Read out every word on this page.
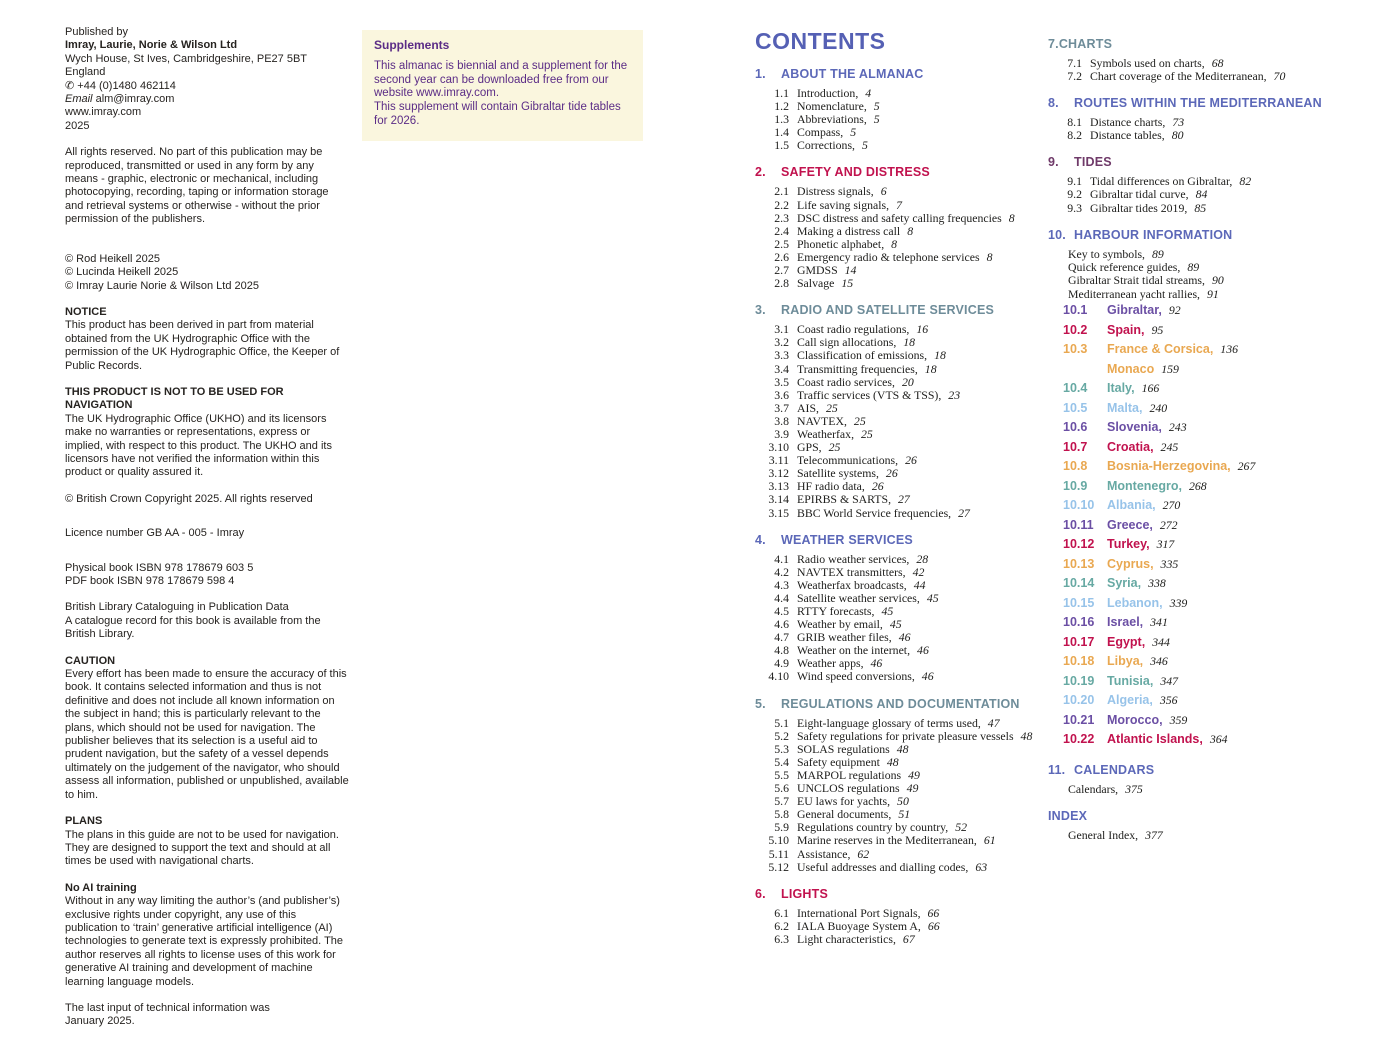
Published by
Imray, Laurie, Norie & Wilson Ltd
Wych House, St Ives, Cambridgeshire, PE27 5BT England
✆ +44 (0)1480 462114
Email alm@imray.com
www.imray.com
2025

All rights reserved. No part of this publication may be reproduced, transmitted or used in any form by any means - graphic, electronic or mechanical, including photocopying, recording, taping or information storage and retrieval systems or otherwise - without the prior permission of the publishers.

© Rod Heikell 2025
© Lucinda Heikell 2025
© Imray Laurie Norie & Wilson Ltd 2025
NOTICE
This product has been derived in part from material obtained from the UK Hydrographic Office with the permission of the UK Hydrographic Office, the Keeper of Public Records.
THIS PRODUCT IS NOT TO BE USED FOR NAVIGATION
The UK Hydrographic Office (UKHO) and its licensors make no warranties or representations, express or implied, with respect to this product. The UKHO and its licensors have not verified the information within this product or quality assured it.

© British Crown Copyright 2025. All rights reserved

Licence number GB AA - 005 - Imray

Physical book ISBN 978 178679 603 5
PDF book ISBN 978 178679 598 4
British Library Cataloguing in Publication Data
A catalogue record for this book is available from the British Library.
CAUTION
Every effort has been made to ensure the accuracy of this book. It contains selected information and thus is not definitive and does not include all known information on the subject in hand; this is particularly relevant to the plans, which should not be used for navigation. The publisher believes that its selection is a useful aid to prudent navigation, but the safety of a vessel depends ultimately on the judgement of the navigator, who should assess all information, published or unpublished, available to him.
PLANS
The plans in this guide are not to be used for navigation. They are designed to support the text and should at all times be used with navigational charts.
No AI training
Without in any way limiting the author’s (and publisher’s) exclusive rights under copyright, any use of this publication to ‘train’ generative artificial intelligence (AI) technologies to generate text is expressly prohibited. The author reserves all rights to license uses of this work for generative AI training and development of machine learning language models.
The last input of technical information was
January 2025.
Supplements

This almanac is biennial and a supplement for the second year can be downloaded free from our website www.imray.com.

This supplement will contain Gibraltar tide tables for 2026.

CONTENTS
1.	ABOUT THE ALMANAC
1.1 Introduction, 4
1.2 Nomenclature, 5
1.3 Abbreviations, 5
1.4 Compass, 5
1.5 Corrections, 5
2.	SAFETY AND DISTRESS
2.1 Distress signals, 6
2.2 Life saving signals, 7
2.3 DSC distress and safety calling frequencies 8
2.4 Making a distress call 8
2.5 Phonetic alphabet, 8
2.6 Emergency radio & telephone services 8
2.7 GMDSS 14
2.8 Salvage 15
3.	RADIO AND SATELLITE SERVICES
3.1 Coast radio regulations, 16
3.2 Call sign allocations, 18
3.3 Classification of emissions, 18
3.4 Transmitting frequencies, 18
3.5 Coast radio services, 20
3.6 Traffic services (VTS & TSS), 23
3.7 AIS, 25
3.8 NAVTEX, 25
3.9 Weatherfax, 25
3.10 GPS, 25
3.11 Telecommunications, 26
3.12 Satellite systems, 26
3.13 HF radio data, 26
3.14 EPIRBS & SARTS, 27
3.15 BBC World Service frequencies, 27
4.	WEATHER SERVICES
4.1 Radio weather services, 28
4.2 NAVTEX transmitters, 42
4.3 Weatherfax broadcasts, 44
4.4 Satellite weather services, 45
4.5 RTTY forecasts, 45
4.6 Weather by email, 45
4.7 GRIB weather files, 46
4.8 Weather on the internet, 46
4.9 Weather apps, 46
4.10 Wind speed conversions, 46
5.	REGULATIONS AND DOCUMENTATION
5.1 Eight-language glossary of terms used, 47
5.2 Safety regulations for private pleasure vessels 48
5.3 SOLAS regulations 48
5.4 Safety equipment 48
5.5 MARPOL regulations 49
5.6 UNCLOS regulations 49
5.7 EU laws for yachts, 50
5.8 General documents, 51
5.9 Regulations country by country, 52
5.10 Marine reserves in the Mediterranean, 61
5.11 Assistance, 62
5.12 Useful addresses and dialling codes, 63
6.	LIGHTS
6.1 International Port Signals, 66
6.2 IALA Buoyage System A, 66
6.3 Light characteristics, 67
7. CHARTS
7.1 Symbols used on charts, 68
7.2 Chart coverage of the Mediterranean, 70
8.	ROUTES WITHIN THE MEDITERRANEAN
8.1 Distance charts, 73
8.2 Distance tables, 80
9.	TIDES
9.1 Tidal differences on Gibraltar, 82
9.2 Gibraltar tidal curve, 84
9.3 Gibraltar tides 2019, 85
10. HARBOUR INFORMATION
Key to symbols, 89
Quick reference guides, 89
Gibraltar Strait tidal streams, 90
Mediterranean yacht rallies, 91
10.1	Gibraltar, 92
10.2	Spain, 95
10.3	France & Corsica, 136
Monaco 159
10.4	Italy, 166
10.5	Malta, 240
10.6	Slovenia, 243
10.7	Croatia, 245
10.8	Bosnia-Herzegovina, 267
10.9	Montenegro, 268
10.10	Albania, 270
10.11	Greece, 272
10.12	Turkey, 317
10.13	Cyprus, 335
10.14	Syria, 338
10.15	Lebanon, 339
10.16	Israel, 341
10.17	Egypt, 344
10.18	Libya, 346
10.19	Tunisia, 347
10.20	Algeria, 356
10.21	Morocco, 359
10.22	Atlantic Islands, 364
11. CALENDARS
Calendars, 375
INDEX
General Index, 377
